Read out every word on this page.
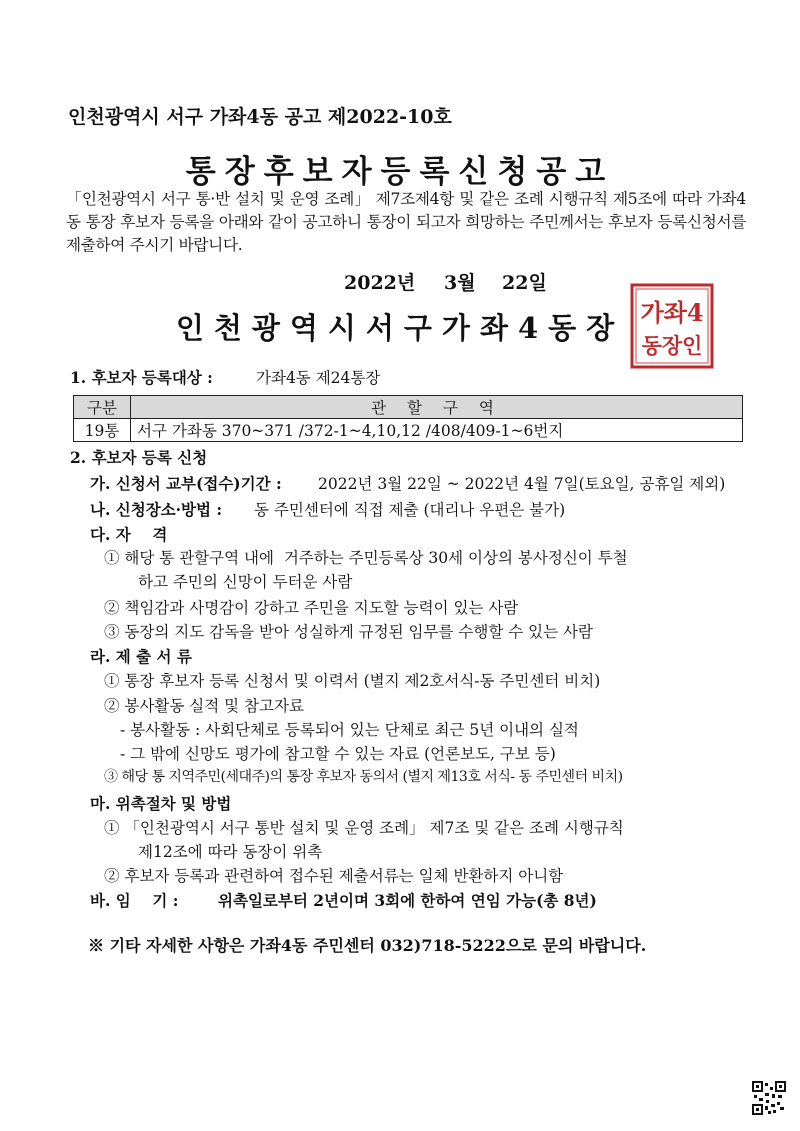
인천광역시 서구 가좌4동 공고 제2022-10호
통장후보자등록신청공고
「인천광역시 서구 통·반 설치 및 운영 조례」 제7조제4항 및 같은 조례 시행규칙 제5조에 따라 가좌4동 통장 후보자 등록을 아래와 같이 공고하니 통장이 되고자 희망하는 주민께서는 후보자 등록신청서를 제출하여 주시기 바랍니다.
2022년 3월 22일
인천광역시서구가좌4동장 가좌4
동장인
1. 후보자 등록대상 :	가좌4동 제24통장
구분	관 할 구 역
19통	서구 가좌동 370~371 /372-1~4,10,12 /408/409-1~6번지
2. 후보자 등록 신청
가. 신청서 교부(접수)기간 : 2022년 3월 22일 ~ 2022년 4월 7일(토요일, 공휴일 제외)
나. 신청장소·방법 : 동 주민센터에 직접 제출 (대리나 우편은 불가)
다. 자    격
① 해당 통 관할구역 내에  거주하는 주민등록상 30세 이상의 봉사정신이 투철
하고 주민의 신망이 두터운 사람
② 책임감과 사명감이 강하고 주민을 지도할 능력이 있는 사람
③ 동장의 지도 감독을 받아 성실하게 규정된 임무를 수행할 수 있는 사람
라. 제 출 서 류
① 통장 후보자 등록 신청서 및 이력서 (별지 제2호서식-동 주민센터 비치)
② 봉사활동 실적 및 참고자료
- 봉사활동 : 사회단체로 등록되어 있는 단체로 최근 5년 이내의 실적
- 그 밖에 신망도 평가에 참고할 수 있는 자료 (언론보도, 구보 등)
③ 해당 통 지역주민(세대주)의 통장 후보자 동의서 (별지 제13호 서식- 동 주민센터 비치)
마. 위촉절차 및 방법
① 「인천광역시 서구 통반 설치 및 운영 조례」 제7조 및 같은 조례 시행규칙
제12조에 따라 동장이 위촉
② 후보자 등록과 관련하여 접수된 제출서류는 일체 반환하지 아니함
바. 임    기 :	위촉일로부터 2년이며 3회에 한하여 연임 가능(총 8년)
※ 기타 자세한 사항은 가좌4동 주민센터 032)718-5222으로 문의 바랍니다.
